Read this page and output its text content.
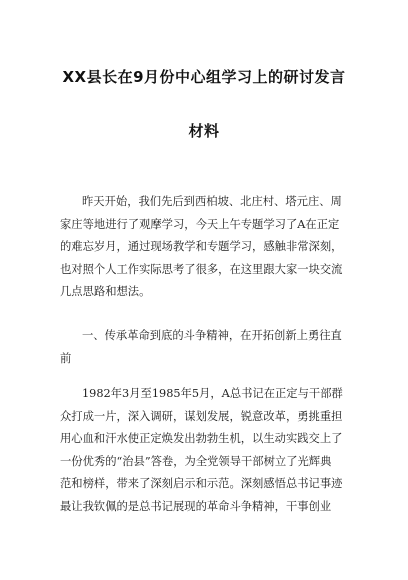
XX县长在9月份中心组学习上的研讨发言
材料
昨天开始，我们先后到西柏坡、北庄村、塔元庄、周
家庄等地进行了观摩学习，今天上午专题学习了A在正定
的难忘岁月，通过现场教学和专题学习，感触非常深刻，
也对照个人工作实际思考了很多，在这里跟大家一块交流
几点思路和想法。
一、传承革命到底的斗争精神，在开拓创新上勇往直
前
1982年3月至1985年5月，A总书记在正定与干部群
众打成一片，深入调研，谋划发展，锐意改革，勇挑重担
用心血和汗水使正定焕发出勃勃生机，以生动实践交上了
一份优秀的“治县”答卷，为全党领导干部树立了光辉典
范和榜样，带来了深刻启示和示范。深刻感悟总书记事迹
最让我钦佩的是总书记展现的革命斗争精神，干事创业
